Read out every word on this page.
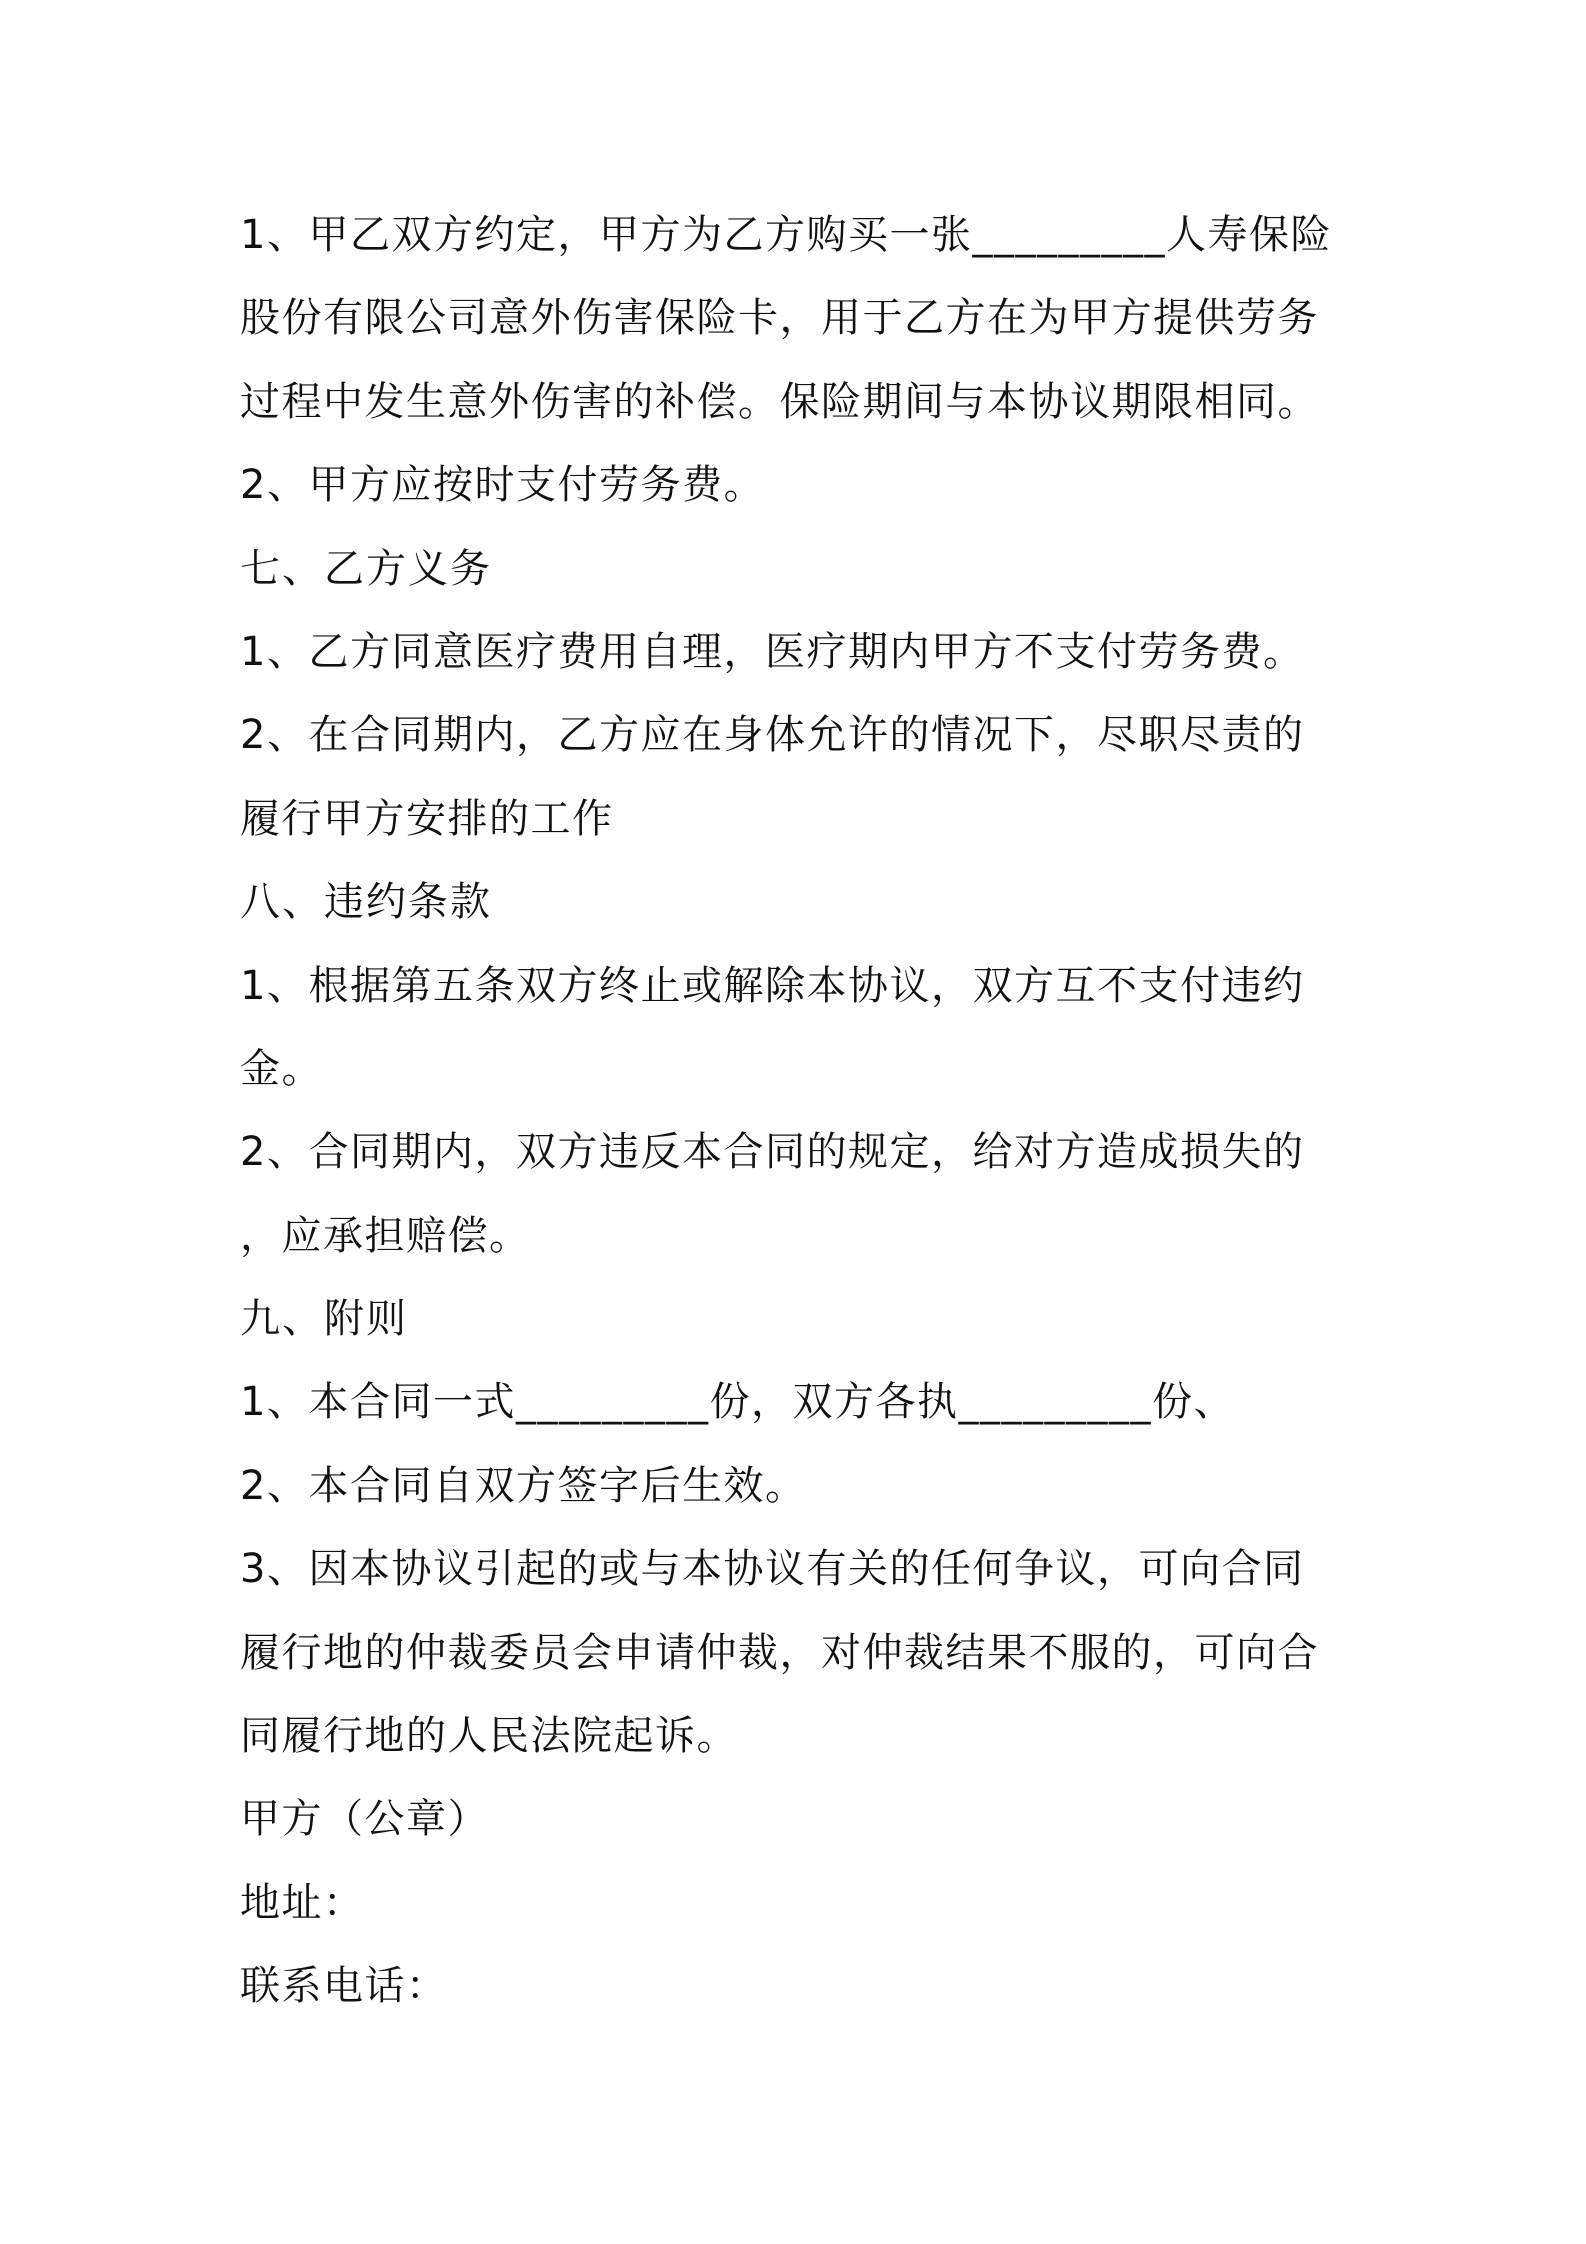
1、甲乙双方约定，甲方为乙方购买一张_________人寿保险
股份有限公司意外伤害保险卡，用于乙方在为甲方提供劳务
过程中发生意外伤害的补偿。保险期间与本协议期限相同。
2、甲方应按时支付劳务费。
七、乙方义务
1、乙方同意医疗费用自理，医疗期内甲方不支付劳务费。
2、在合同期内，乙方应在身体允许的情况下，尽职尽责的
履行甲方安排的工作
八、违约条款
1、根据第五条双方终止或解除本协议，双方互不支付违约
金。
2、合同期内，双方违反本合同的规定，给对方造成损失的
，应承担赔偿。
九、附则
1、本合同一式_________份，双方各执_________份、
2、本合同自双方签字后生效。
3、因本协议引起的或与本协议有关的任何争议，可向合同
履行地的仲裁委员会申请仲裁，对仲裁结果不服的，可向合
同履行地的人民法院起诉。
甲方（公章）
地址：
联系电话：
